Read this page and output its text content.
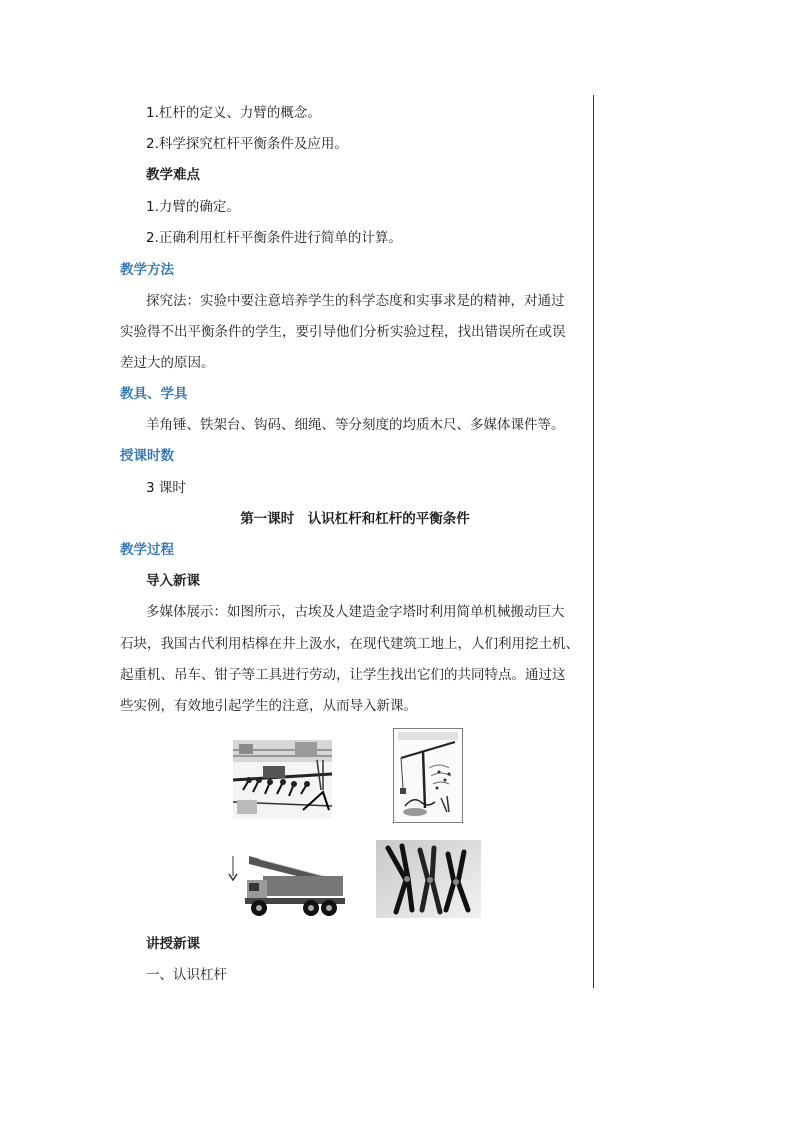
1.杠杆的定义、力臂的概念。
2.科学探究杠杆平衡条件及应用。
教学难点
1.力臂的确定。
2.正确利用杠杆平衡条件进行简单的计算。
教学方法
探究法：实验中要注意培养学生的科学态度和实事求是的精神，对通过
实验得不出平衡条件的学生，要引导他们分析实验过程，找出错误所在或误
差过大的原因。
教具、学具
羊角锤、铁架台、钩码、细绳、等分刻度的均质木尺、多媒体课件等。
授课时数
3 课时
第一课时　认识杠杆和杠杆的平衡条件
教学过程
导入新课
多媒体展示：如图所示，古埃及人建造金字塔时利用简单机械搬动巨大
石块，我国古代利用桔槔在井上汲水，在现代建筑工地上，人们利用挖土机、
起重机、吊车、钳子等工具进行劳动，让学生找出它们的共同特点。通过这
些实例，有效地引起学生的注意，从而导入新课。
讲授新课
一、认识杠杆
